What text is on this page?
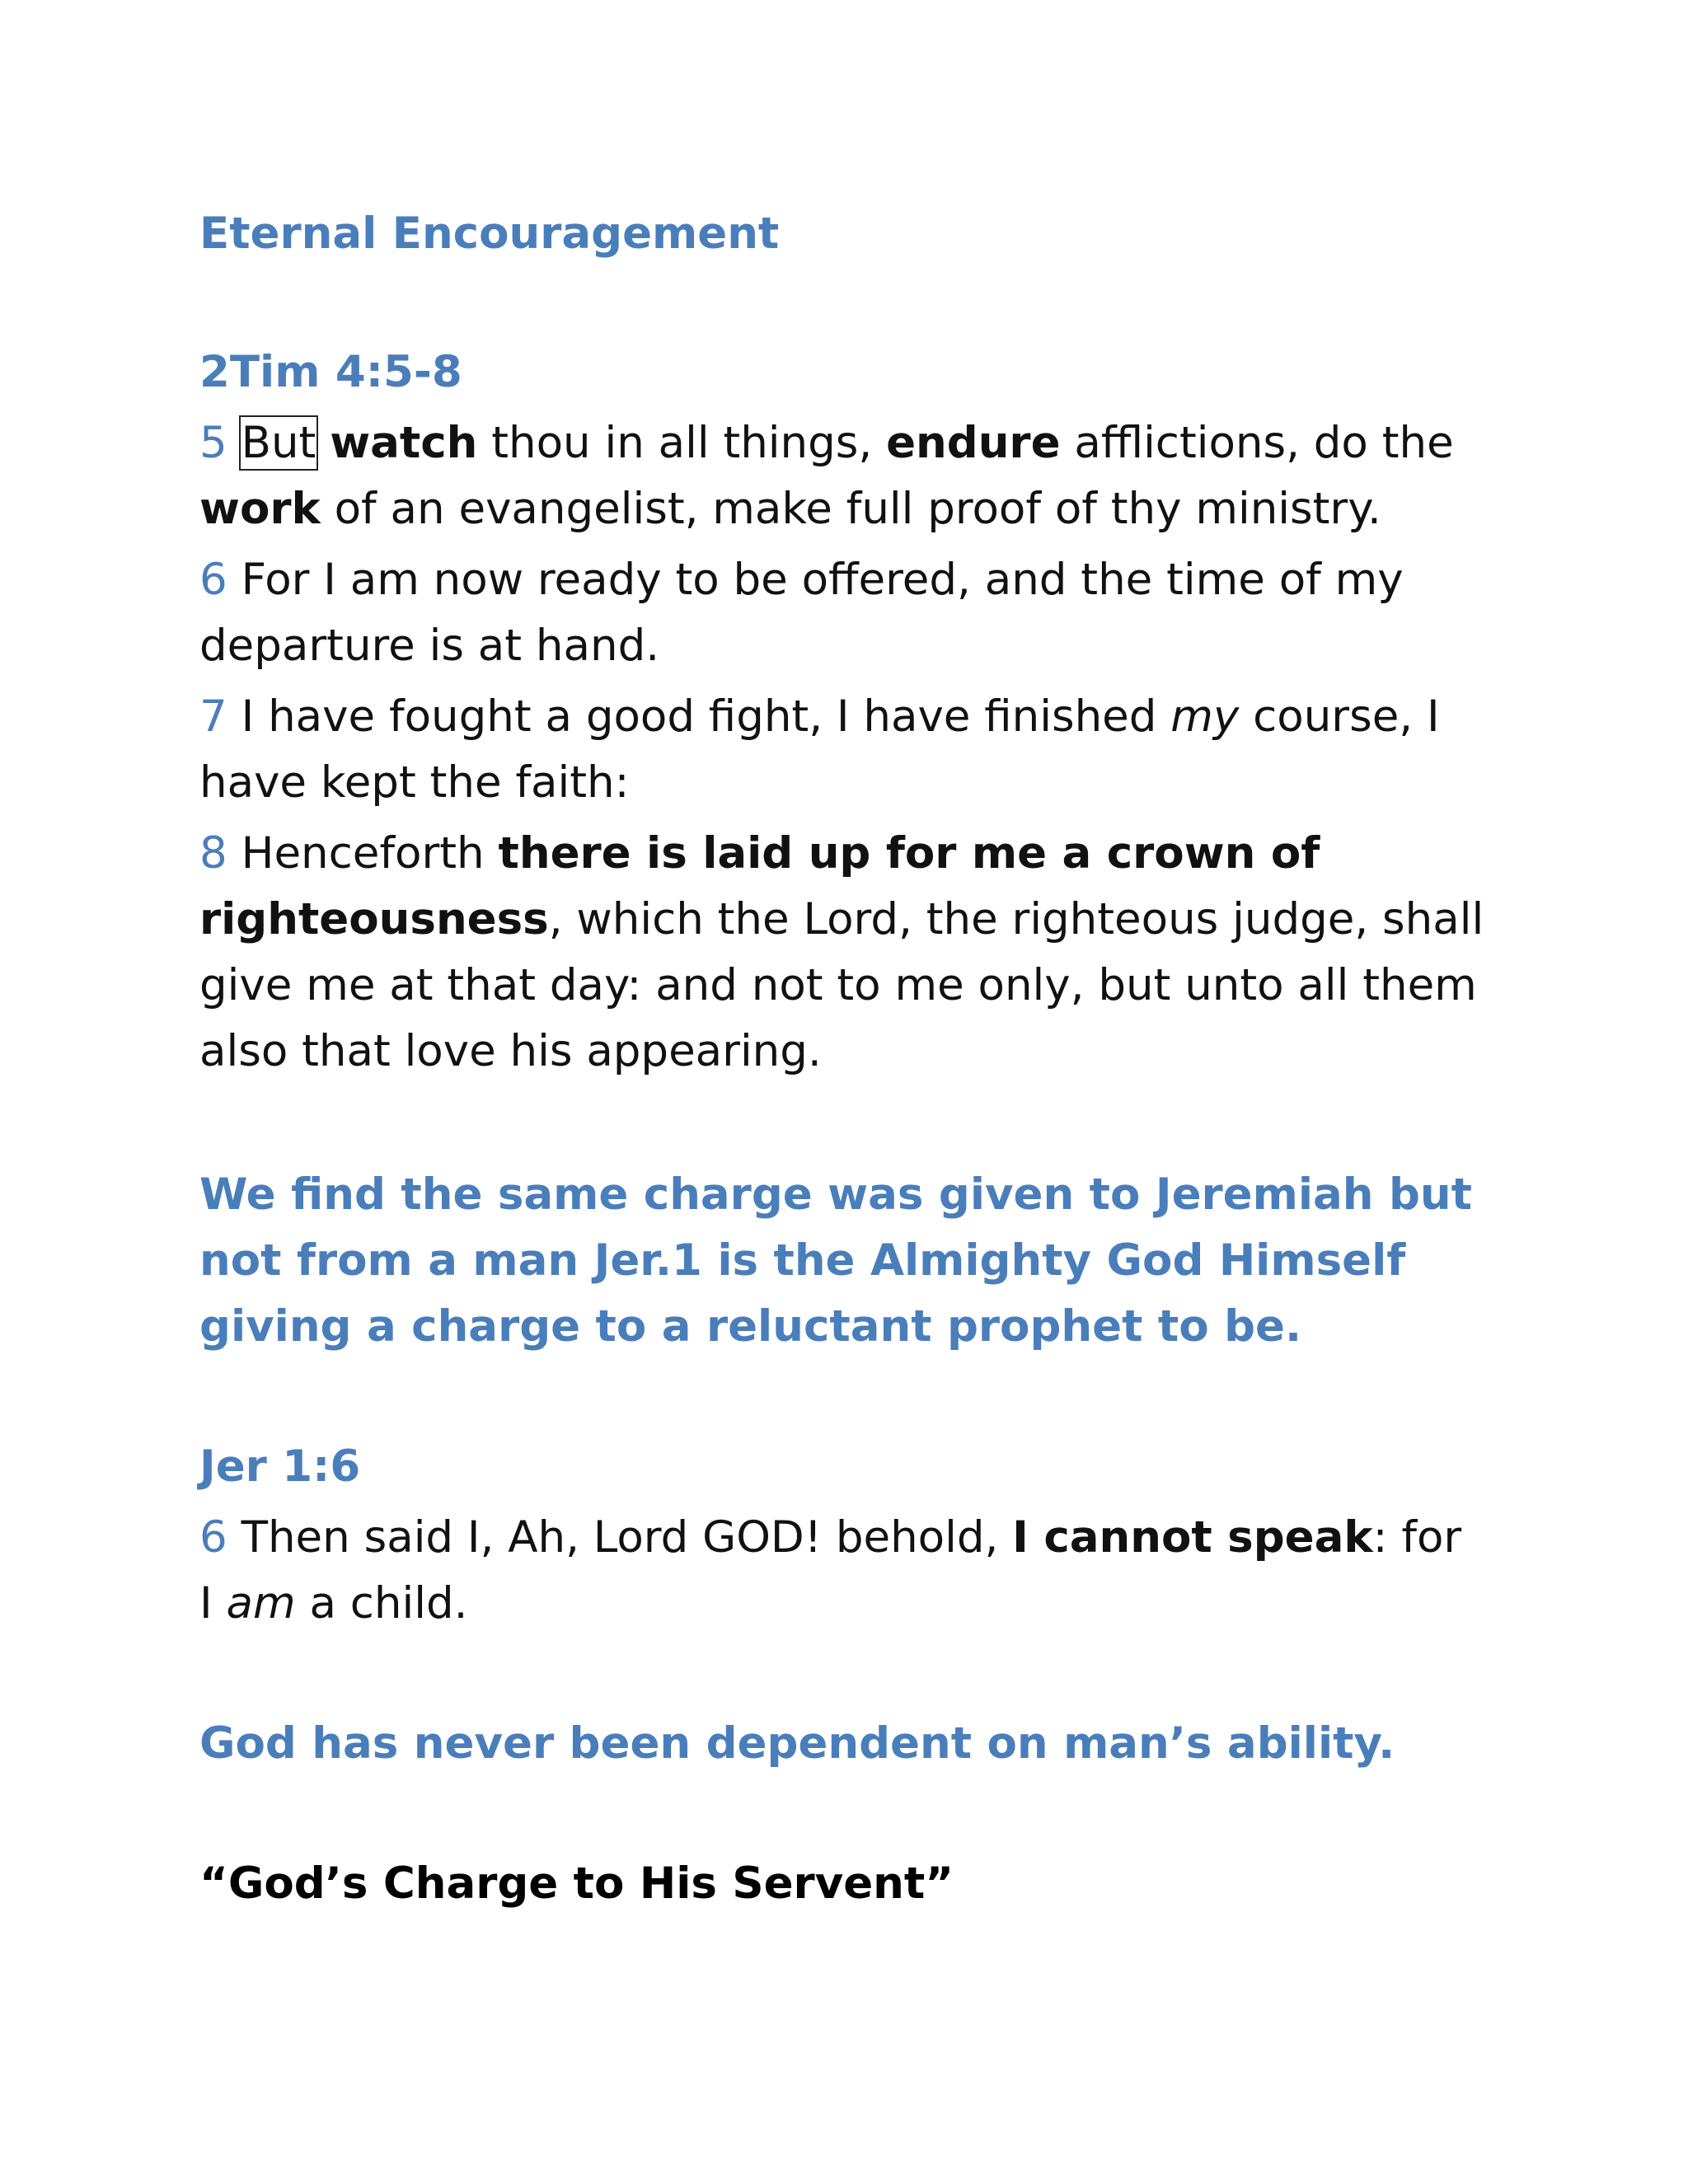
Eternal Encouragement
2Tim 4:5-8
5 But watch thou in all things, endure afflictions, do the work of an evangelist, make full proof of thy ministry.
6 For I am now ready to be offered, and the time of my departure is at hand.
7 I have fought a good fight, I have finished my course, I have kept the faith:
8 Henceforth there is laid up for me a crown of righteousness, which the Lord, the righteous judge, shall give me at that day: and not to me only, but unto all them also that love his appearing.
We find the same charge was given to Jeremiah but not from a man Jer.1 is the Almighty God Himself giving a charge to a reluctant prophet to be.
Jer 1:6
6 Then said I, Ah, Lord GOD! behold, I cannot speak: for I am a child.
God has never been dependent on man’s ability.
“God’s Charge to His Servent”
